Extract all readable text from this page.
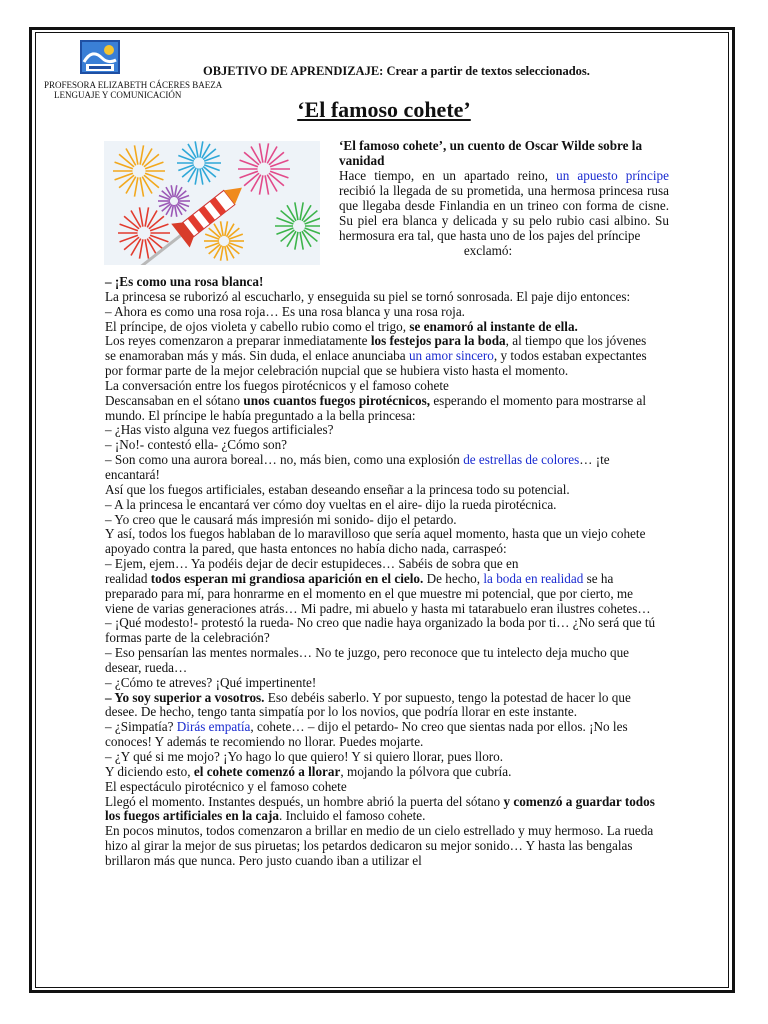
OBJETIVO DE APRENDIZAJE: Crear a partir de textos seleccionados.
PROFESORA ELIZABETH CÁCERES BAEZA
LENGUAJE Y COMUNICACIÓN
‘El famoso cohete’
‘El famoso cohete’, un cuento de Oscar Wilde sobre la vanidad
Hace tiempo, en un apartado reino, un apuesto príncipe recibió la llegada de su prometida, una hermosa princesa rusa que llegaba desde Finlandia en un trineo con forma de cisne. Su piel era blanca y delicada y su pelo rubio casi albino. Su hermosura era tal, que hasta uno de los pajes del príncipe
exclamó:

– ¡Es como una rosa blanca!

La princesa se ruborizó al escucharlo, y enseguida su piel se tornó sonrosada. El paje dijo entonces:

– Ahora es como una rosa roja… Es una rosa blanca y una rosa roja.

El príncipe, de ojos violeta y cabello rubio como el trigo, se enamoró al instante de ella.

Los reyes comenzaron a preparar inmediatamente los festejos para la boda, al tiempo que los jóvenes se enamoraban más y más. Sin duda, el enlace anunciaba un amor sincero, y todos estaban expectantes por formar parte de la mejor celebración nupcial que se hubiera visto hasta el momento.

La conversación entre los fuegos pirotécnicos y el famoso cohete

Descansaban en el sótano unos cuantos fuegos pirotécnicos, esperando el momento para mostrarse al mundo. El príncipe le había preguntado a la bella princesa:

– ¿Has visto alguna vez fuegos artificiales?

– ¡No!- contestó ella- ¿Cómo son?

– Son como una aurora boreal… no, más bien, como una explosión de estrellas de colores… ¡te encantará!

Así que los fuegos artificiales, estaban deseando enseñar a la princesa todo su potencial.

– A la princesa le encantará ver cómo doy vueltas en el aire- dijo la rueda pirotécnica.

– Yo creo que le causará más impresión mi sonido- dijo el petardo.

Y así, todos los fuegos hablaban de lo maravilloso que sería aquel momento, hasta que un viejo cohete apoyado contra la pared, que hasta entonces no había dicho nada, carraspeó:

– Ejem, ejem… Ya podéis dejar de decir estupideces… Sabéis de sobra que en

realidad todos esperan mi grandiosa aparición en el cielo. De hecho, la boda en realidad se ha preparado para mí, para honrarme en el momento en el que muestre mi potencial, que por cierto, me viene de varias generaciones atrás… Mi padre, mi abuelo y hasta mi tatarabuelo eran ilustres cohetes…

– ¡Qué modesto!- protestó la rueda- No creo que nadie haya organizado la boda por ti… ¿No será que tú formas parte de la celebración?

– Eso pensarían las mentes normales… No te juzgo, pero reconoce que tu intelecto deja mucho que desear, rueda…

– ¿Cómo te atreves? ¡Qué impertinente!

– Yo soy superior a vosotros. Eso debéis saberlo. Y por supuesto, tengo la potestad de hacer lo que desee. De hecho, tengo tanta simpatía por lo los novios, que podría llorar en este instante.

– ¿Simpatía? Dirás empatía, cohete… – dijo el petardo- No creo que sientas nada por ellos. ¡No les conoces! Y además te recomiendo no llorar. Puedes mojarte.

– ¿Y qué si me mojo? ¡Yo hago lo que quiero! Y si quiero llorar, pues lloro.

Y diciendo esto, el cohete comenzó a llorar, mojando la pólvora que cubría.

El espectáculo pirotécnico y el famoso cohete

Llegó el momento. Instantes después, un hombre abrió la puerta del sótano y comenzó a guardar todos los fuegos artificiales en la caja. Incluido el famoso cohete.

En pocos minutos, todos comenzaron a brillar en medio de un cielo estrellado y muy hermoso. La rueda hizo al girar la mejor de sus piruetas; los petardos dedicaron su mejor sonido… Y hasta las bengalas brillaron más que nunca. Pero justo cuando iban a utilizar el
